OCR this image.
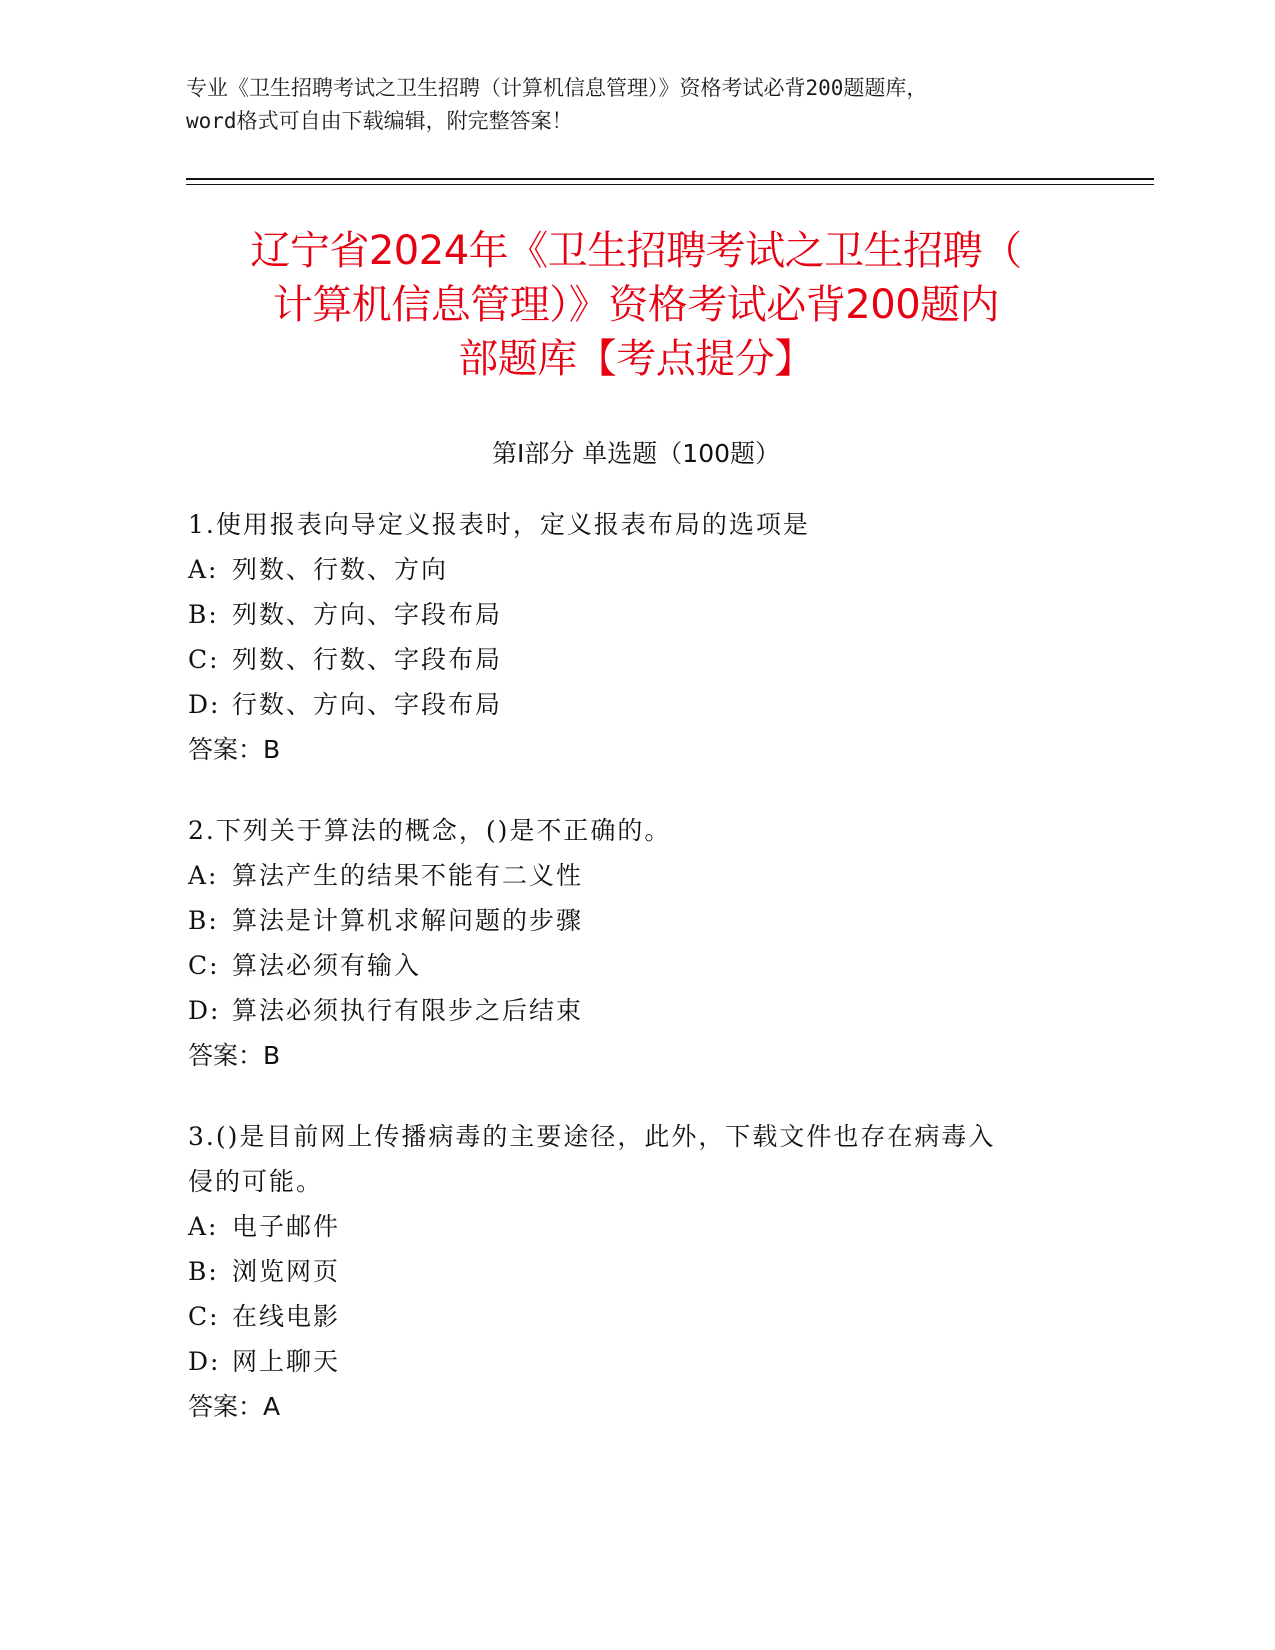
专业《卫生招聘考试之卫生招聘（计算机信息管理）》资格考试必背200题题库，
word格式可自由下载编辑，附完整答案！
辽宁省2024年《卫生招聘考试之卫生招聘（
计算机信息管理）》资格考试必背200题内
部题库【考点提分】
第I部分 单选题（100题）
1.使用报表向导定义报表时，定义报表布局的选项是
A: 列数、行数、方向
B: 列数、方向、字段布局
C: 列数、行数、字段布局
D: 行数、方向、字段布局
答案：B
2.下列关于算法的概念，()是不正确的。
A: 算法产生的结果不能有二义性
B: 算法是计算机求解问题的步骤
C: 算法必须有输入
D: 算法必须执行有限步之后结束
答案：B
3.()是目前网上传播病毒的主要途径，此外，下载文件也存在病毒入
侵的可能。
A: 电子邮件
B: 浏览网页
C: 在线电影
D: 网上聊天
答案：A
